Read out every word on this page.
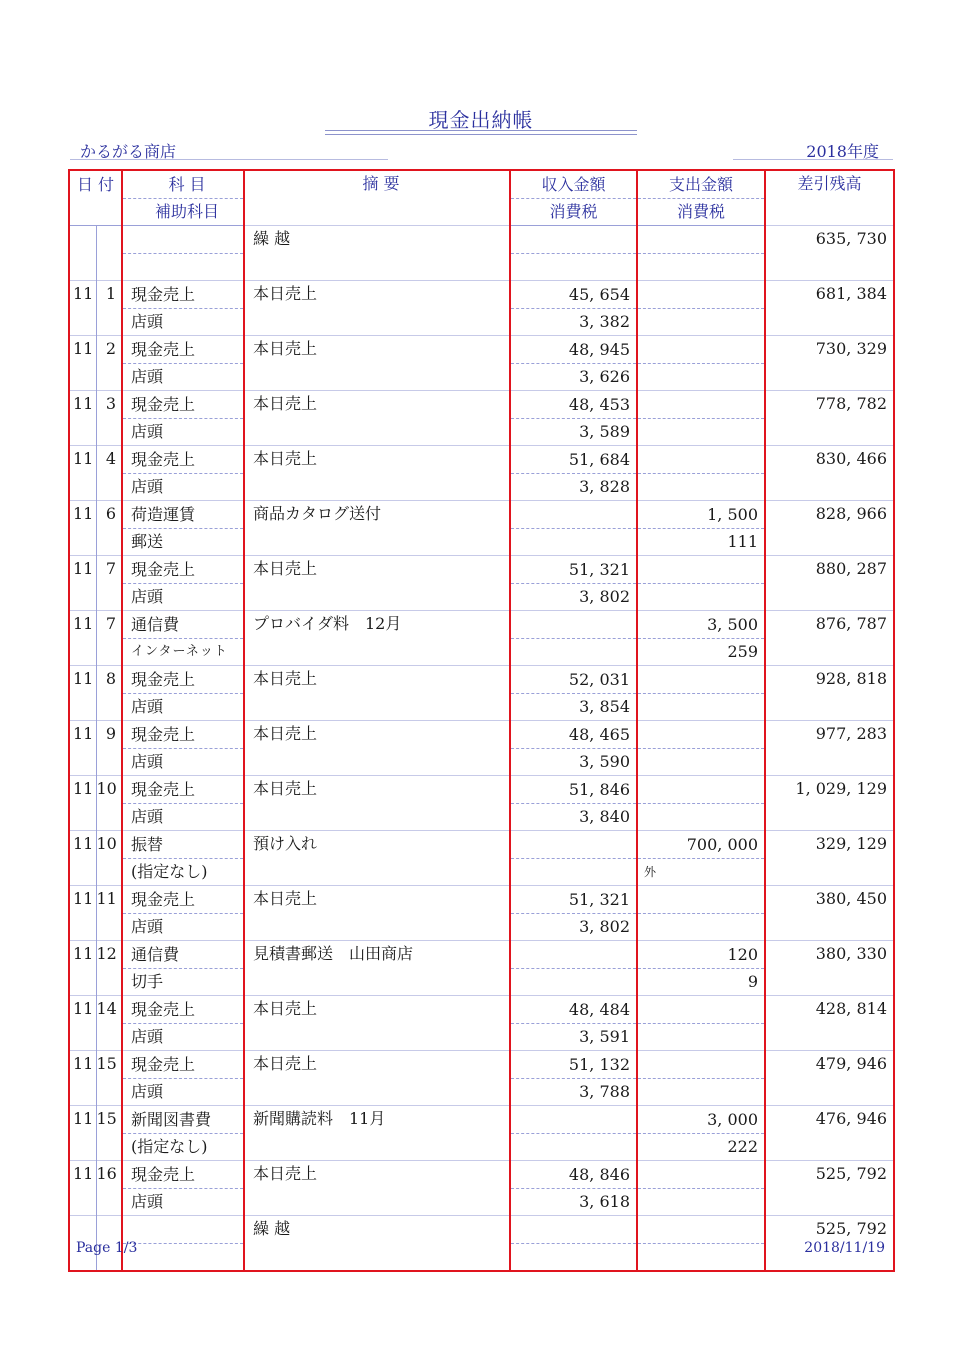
現金出納帳
かるがる商店	2018年度
日 付		科 目	摘 要	収入金額	支出金額	差引残高
		補助科目		消費税	消費税	
			繰 越			635, 730

11	1	現金売上	本日売上	45, 654		681, 384
		店頭		3, 382		
11	2	現金売上	本日売上	48, 945		730, 329
		店頭		3, 626		
11	3	現金売上	本日売上	48, 453		778, 782
		店頭		3, 589		
11	4	現金売上	本日売上	51, 684		830, 466
		店頭		3, 828		
11	6	荷造運賃	商品カタログ送付		1, 500	828, 966
		郵送			111	
11	7	現金売上	本日売上	51, 321		880, 287
		店頭		3, 802		
11	7	通信費	プロバイダ料　12月		3, 500	876, 787
		インターネット			259	
11	8	現金売上	本日売上	52, 031		928, 818
		店頭		3, 854		
11	9	現金売上	本日売上	48, 465		977, 283
		店頭		3, 590		
11	10	現金売上	本日売上	51, 846		1, 029, 129
		店頭		3, 840		
11	10	振替	預け入れ		700, 000	329, 129
		(指定なし)			外	
11	11	現金売上	本日売上	51, 321		380, 450
		店頭		3, 802		
11	12	通信費	見積書郵送　山田商店		120	380, 330
		切手			9	
11	14	現金売上	本日売上	48, 484		428, 814
		店頭		3, 591		
11	15	現金売上	本日売上	51, 132		479, 946
		店頭		3, 788		
11	15	新聞図書費	新聞購読料　11月		3, 000	476, 946
		(指定なし)			222	
11	16	現金売上	本日売上	48, 846		525, 792
		店頭		3, 618		
			繰 越			525, 792

Page 1/3	2018/11/19
